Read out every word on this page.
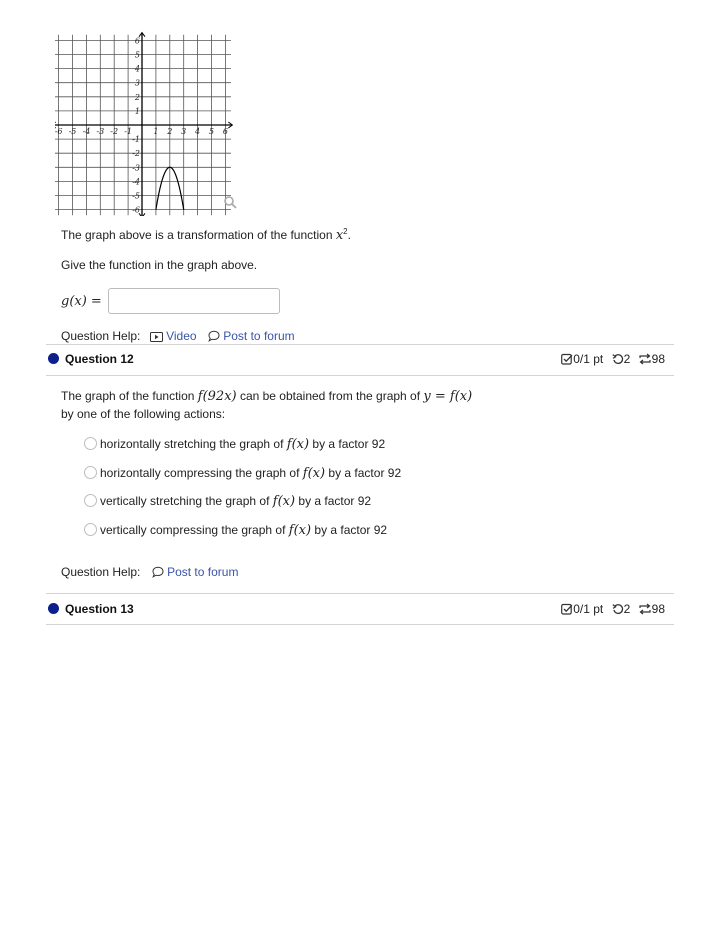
-6 -5 -4 -3 -2 -1	1 2 3 4 5 6
6
5
4
3
2
1
-1
-2
-3
-4
-5
-6
The graph above is a transformation of the function $x^2$.
Give the function in the graph above.
g(x) =
Question Help: Video Post to forum
Question 12	0/1 pt 2 98
The graph of the function f(92x) can be obtained from the graph of y = f(x)
by one of the following actions:
horizontally stretching the graph of f(x) by a factor 92
horizontally compressing the graph of f(x) by a factor 92
vertically stretching the graph of f(x) by a factor 92
vertically compressing the graph of f(x) by a factor 92
Question Help: Post to forum
Question 13	0/1 pt 2 98
